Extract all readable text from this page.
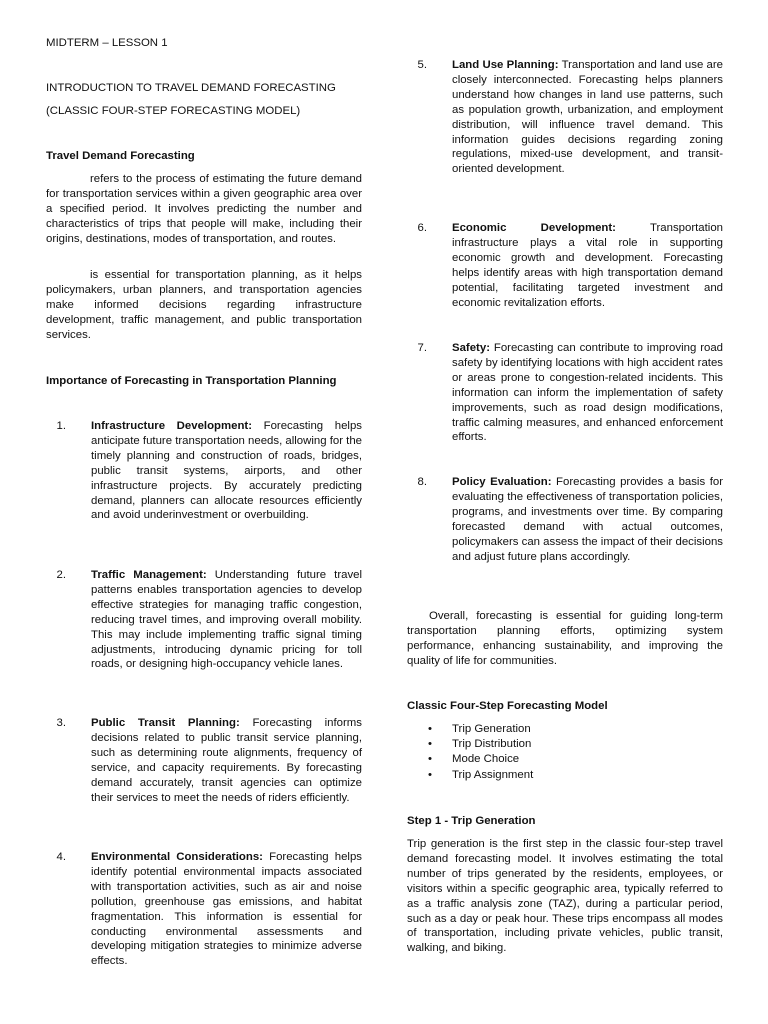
MIDTERM – LESSON 1
INTRODUCTION TO TRAVEL DEMAND FORECASTING
(CLASSIC FOUR-STEP FORECASTING MODEL)
Travel Demand Forecasting

refers to the process of estimating the future demand for transportation services within a given geographic area over a specified period. It involves predicting the number and characteristics of trips that people will make, including their origins, destinations, modes of transportation, and routes.

is essential for transportation planning, as it helps policymakers, urban planners, and transportation agencies make informed decisions regarding infrastructure development, traffic management, and public transportation services.

Importance of Forecasting in Transportation Planning
1. Infrastructure Development: Forecasting helps anticipate future transportation needs, allowing for the timely planning and construction of roads, bridges, public transit systems, airports, and other infrastructure projects. By accurately predicting demand, planners can allocate resources efficiently and avoid underinvestment or overbuilding.
2. Traffic Management: Understanding future travel patterns enables transportation agencies to develop effective strategies for managing traffic congestion, reducing travel times, and improving overall mobility. This may include implementing traffic signal timing adjustments, introducing dynamic pricing for toll roads, or designing high-occupancy vehicle lanes.
3. Public Transit Planning: Forecasting informs decisions related to public transit service planning, such as determining route alignments, frequency of service, and capacity requirements. By forecasting demand accurately, transit agencies can optimize their services to meet the needs of riders efficiently.
4. Environmental Considerations: Forecasting helps identify potential environmental impacts associated with transportation activities, such as air and noise pollution, greenhouse gas emissions, and habitat fragmentation. This information is essential for conducting environmental assessments and developing mitigation strategies to minimize adverse effects.
5. Land Use Planning: Transportation and land use are closely interconnected. Forecasting helps planners understand how changes in land use patterns, such as population growth, urbanization, and employment distribution, will influence travel demand. This information guides decisions regarding zoning regulations, mixed-use development, and transit-oriented development.
6. Economic Development:	Transportation infrastructure plays a vital role in supporting economic growth and development. Forecasting helps identify areas with high transportation demand potential, facilitating targeted investment and economic revitalization efforts.
7. Safety: Forecasting can contribute to improving road safety by identifying locations with high accident rates or areas prone to congestion-related incidents. This information can inform the implementation of safety improvements, such as road design modifications, traffic calming measures, and enhanced enforcement efforts.
8. Policy Evaluation: Forecasting provides a basis for evaluating the effectiveness of transportation policies, programs, and investments over time. By comparing forecasted demand with actual outcomes, policymakers can assess the impact of their decisions and adjust future plans accordingly.

Overall, forecasting is essential for guiding long-term transportation planning efforts, optimizing system performance, enhancing sustainability, and improving the quality of life for communities.

Classic Four-Step Forecasting Model
• Trip Generation
• Trip Distribution
• Mode Choice
• Trip Assignment
Step 1 - Trip Generation

Trip generation is the first step in the classic four-step travel demand forecasting model. It involves estimating the total number of trips generated by the residents, employees, or visitors within a specific geographic area, typically referred to as a traffic analysis zone (TAZ), during a particular period, such as a day or peak hour. These trips encompass all modes of transportation, including private vehicles, public transit, walking, and biking.
